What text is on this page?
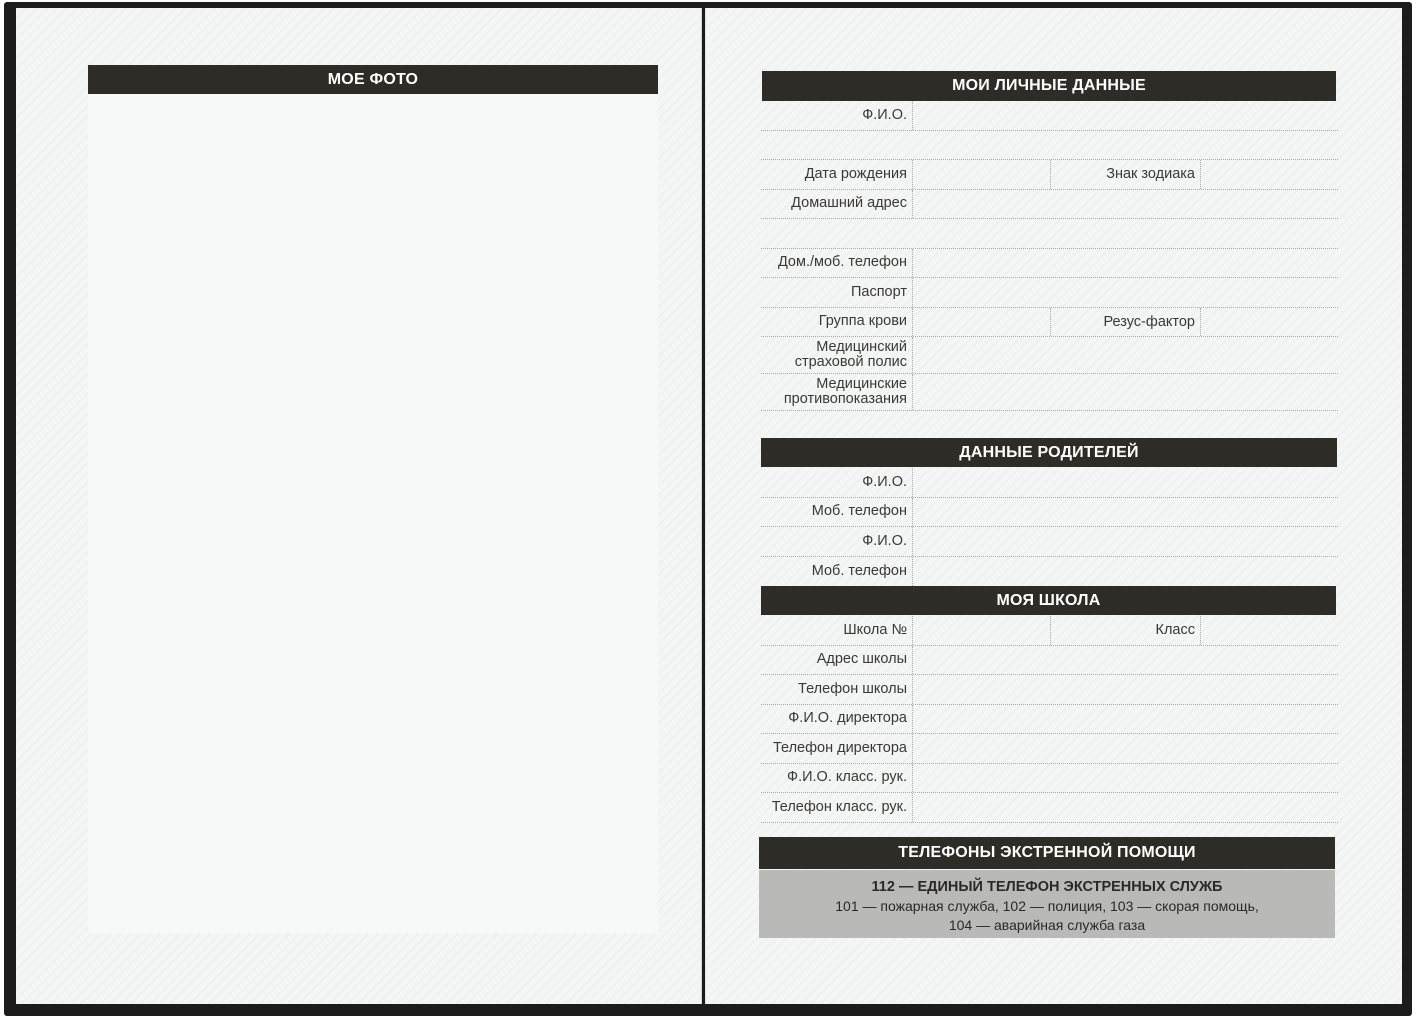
МОЕ ФОТО	МОИ ЛИЧНЫЕ ДАННЫЕ
Ф.И.О.
Дата рождения	Знак зодиака
Домашний адрес
Дом./моб. телефон
Паспорт
Группа крови	Резус-фактор
Медицинский
страховой полис
Медицинские
противопоказания
ДАННЫЕ РОДИТЕЛЕЙ
Ф.И.О.
Моб. телефон
Ф.И.О.
Моб. телефон
МОЯ ШКОЛА
Школа №	Класс
Адрес школы
Телефон школы
Ф.И.О. директора
Телефон директора
Ф.И.О. класс. рук.
Телефон класс. рук.
ТЕЛЕФОНЫ ЭКСТРЕННОЙ ПОМОЩИ
112 — ЕДИНЫЙ ТЕЛЕФОН ЭКСТРЕННЫХ СЛУЖБ
101 — пожарная служба, 102 — полиция, 103 — скорая помощь,
104 — аварийная служба газа
